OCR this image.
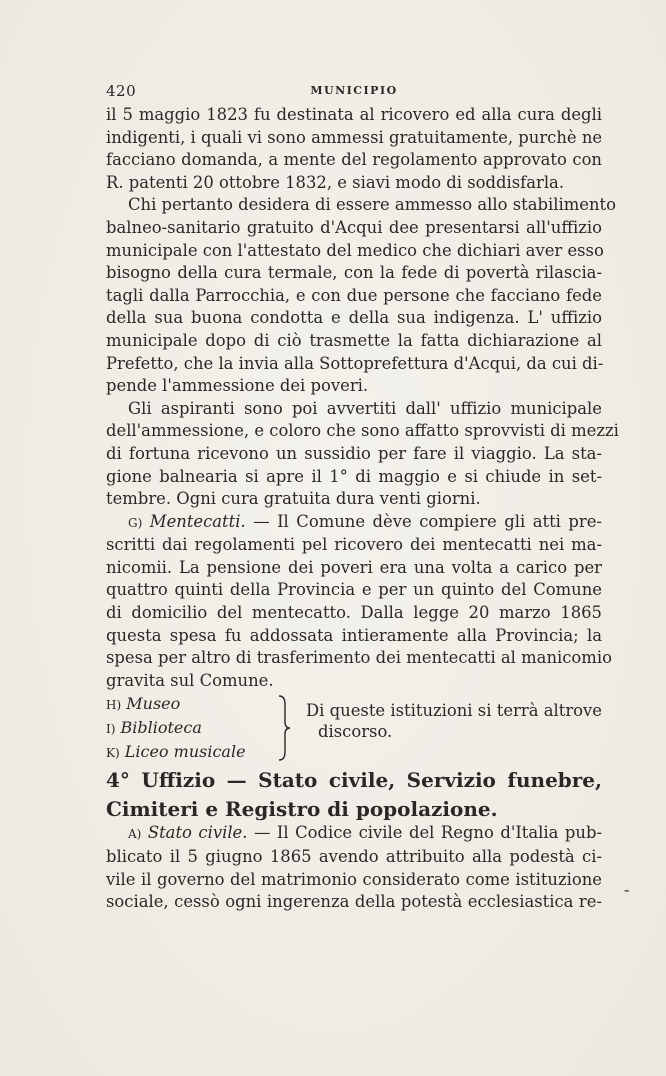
420	MUNICIPIO

il 5 maggio 1823 fu destinata al ricovero ed alla cura degli
indigenti, i quali vi sono ammessi gratuitamente, purchè ne
facciano domanda, a mente del regolamento approvato con
R. patenti 20 ottobre 1832, e siavi modo di soddisfarla.

Chi pertanto desidera di essere ammesso allo stabilimento
balneo-sanitario gratuito d'Acqui dee presentarsi all'uffizio
municipale con l'attestato del medico che dichiari aver esso
bisogno della cura termale, con la fede di povertà rilascia-
tagli dalla Parrocchia, e con due persone che facciano fede
della sua buona condotta e della sua indigenza. L' uffizio
municipale dopo di ciò trasmette la fatta dichiarazione al
Prefetto, che la invia alla Sottoprefettura d'Acqui, da cui di-
pende l'ammessione dei poveri.

Gli aspiranti sono poi avvertiti dall' uffizio municipale
dell'ammessione, e coloro che sono affatto sprovvisti di mezzi
di fortuna ricevono un sussidio per fare il viaggio. La sta-
gione balnearia si apre il 1° di maggio e si chiude in set-
tembre. Ogni cura gratuita dura venti giorni.

G) Mentecatti. — Il Comune dève compiere gli atti pre-
scritti dai regolamenti pel ricovero dei mentecatti nei ma-
nicomii. La pensione dei poveri era una volta a carico per
quattro quinti della Provincia e per un quinto del Comune
di domicilio del mentecatto. Dalla legge 20 marzo 1865
questa spesa fu addossata intieramente alla Provincia; la
spesa per altro di trasferimento dei mentecatti al manicomio
gravita sul Comune.

H) Museo
I) Biblioteca
K) Liceo musicale
Di queste istituzioni si terrà altrove
discorso.
4° Uffizio — Stato civile, Servizio funebre,
Cimiteri e Registro di popolazione.

A) Stato civile. — Il Codice civile del Regno d'Italia pub-
blicato il 5 giugno 1865 avendo attribuito alla podestà ci-
vile il governo del matrimonio considerato come istituzione
sociale, cessò ogni ingerenza della potestà ecclesiastica re-

-
